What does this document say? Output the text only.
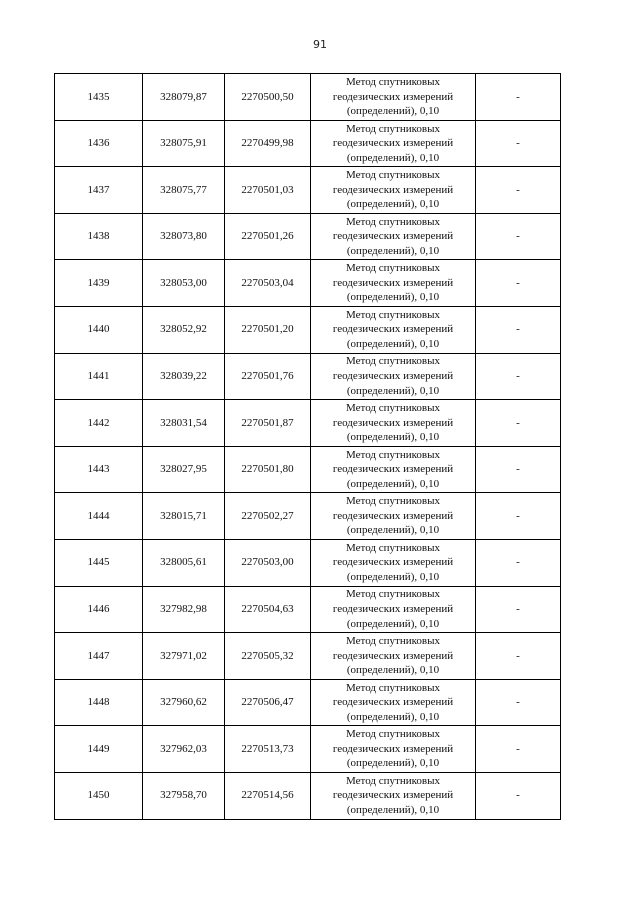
91
1435	328079,87	2270500,50	Метод спутниковых
геодезических измерений
(определений), 0,10	-
1436	328075,91	2270499,98	Метод спутниковых
геодезических измерений
(определений), 0,10	-
1437	328075,77	2270501,03	Метод спутниковых
геодезических измерений
(определений), 0,10	-
1438	328073,80	2270501,26	Метод спутниковых
геодезических измерений
(определений), 0,10	-
1439	328053,00	2270503,04	Метод спутниковых
геодезических измерений
(определений), 0,10	-
1440	328052,92	2270501,20	Метод спутниковых
геодезических измерений
(определений), 0,10	-
1441	328039,22	2270501,76	Метод спутниковых
геодезических измерений
(определений), 0,10	-
1442	328031,54	2270501,87	Метод спутниковых
геодезических измерений
(определений), 0,10	-
1443	328027,95	2270501,80	Метод спутниковых
геодезических измерений
(определений), 0,10	-
1444	328015,71	2270502,27	Метод спутниковых
геодезических измерений
(определений), 0,10	-
1445	328005,61	2270503,00	Метод спутниковых
геодезических измерений
(определений), 0,10	-
1446	327982,98	2270504,63	Метод спутниковых
геодезических измерений
(определений), 0,10	-
1447	327971,02	2270505,32	Метод спутниковых
геодезических измерений
(определений), 0,10	-
1448	327960,62	2270506,47	Метод спутниковых
геодезических измерений
(определений), 0,10	-
1449	327962,03	2270513,73	Метод спутниковых
геодезических измерений
(определений), 0,10	-
1450	327958,70	2270514,56	Метод спутниковых
геодезических измерений
(определений), 0,10	-
